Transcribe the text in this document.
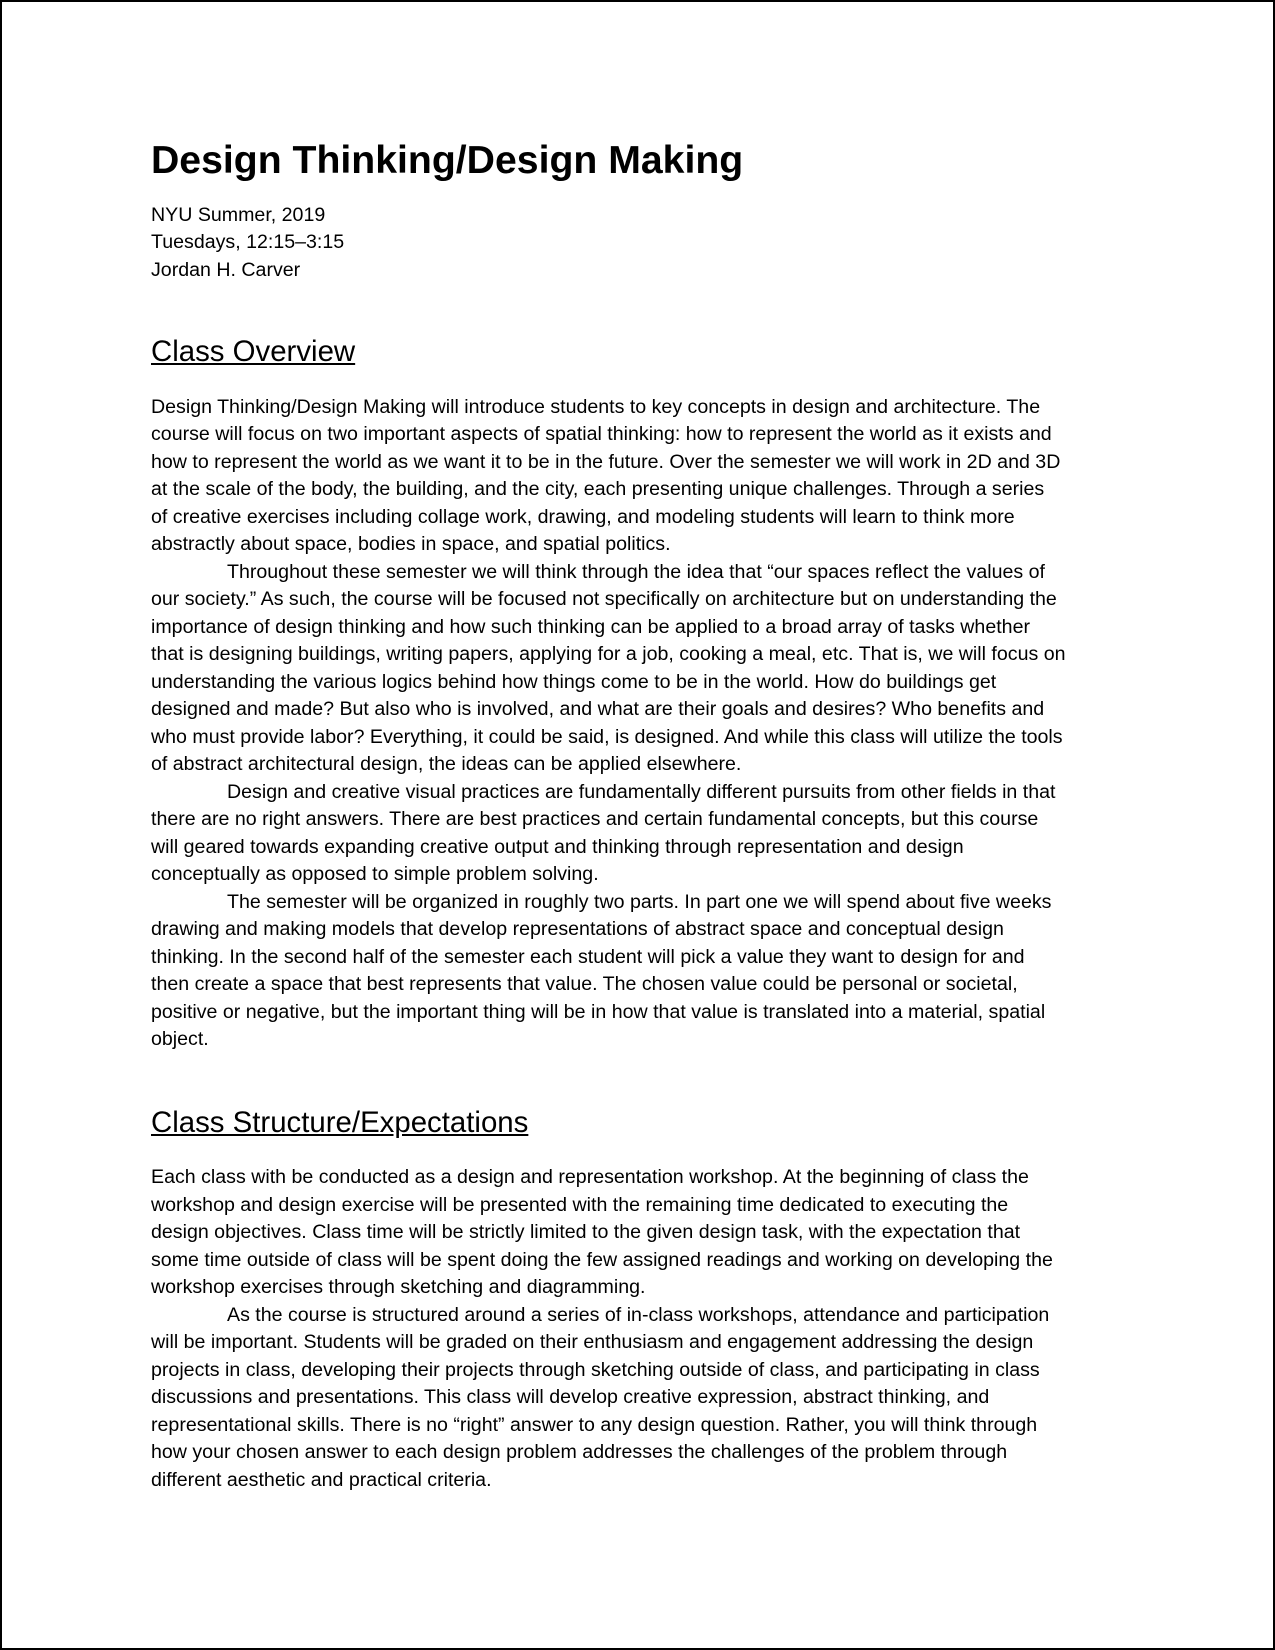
Design Thinking/Design Making
NYU Summer, 2019
Tuesdays, 12:15–3:15
Jordan H. Carver
Class Overview

Design Thinking/Design Making will introduce students to key concepts in design and architecture. The
course will focus on two important aspects of spatial thinking: how to represent the world as it exists and
how to represent the world as we want it to be in the future. Over the semester we will work in 2D and 3D
at the scale of the body, the building, and the city, each presenting unique challenges. Through a series
of creative exercises including collage work, drawing, and modeling students will learn to think more
abstractly about space, bodies in space, and spatial politics.

Throughout these semester we will think through the idea that “our spaces reflect the values of
our society.” As such, the course will be focused not specifically on architecture but on understanding the
importance of design thinking and how such thinking can be applied to a broad array of tasks whether
that is designing buildings, writing papers, applying for a job, cooking a meal, etc. That is, we will focus on
understanding the various logics behind how things come to be in the world. How do buildings get
designed and made? But also who is involved, and what are their goals and desires? Who benefits and
who must provide labor? Everything, it could be said, is designed. And while this class will utilize the tools
of abstract architectural design, the ideas can be applied elsewhere.

Design and creative visual practices are fundamentally different pursuits from other fields in that
there are no right answers. There are best practices and certain fundamental concepts, but this course
will geared towards expanding creative output and thinking through representation and design
conceptually as opposed to simple problem solving.

The semester will be organized in roughly two parts. In part one we will spend about five weeks
drawing and making models that develop representations of abstract space and conceptual design
thinking. In the second half of the semester each student will pick a value they want to design for and
then create a space that best represents that value. The chosen value could be personal or societal,
positive or negative, but the important thing will be in how that value is translated into a material, spatial
object.

Class Structure/Expectations

Each class with be conducted as a design and representation workshop. At the beginning of class the
workshop and design exercise will be presented with the remaining time dedicated to executing the
design objectives. Class time will be strictly limited to the given design task, with the expectation that
some time outside of class will be spent doing the few assigned readings and working on developing the
workshop exercises through sketching and diagramming.

As the course is structured around a series of in-class workshops, attendance and participation
will be important. Students will be graded on their enthusiasm and engagement addressing the design
projects in class, developing their projects through sketching outside of class, and participating in class
discussions and presentations. This class will develop creative expression, abstract thinking, and
representational skills. There is no “right” answer to any design question. Rather, you will think through
how your chosen answer to each design problem addresses the challenges of the problem through
different aesthetic and practical criteria.
